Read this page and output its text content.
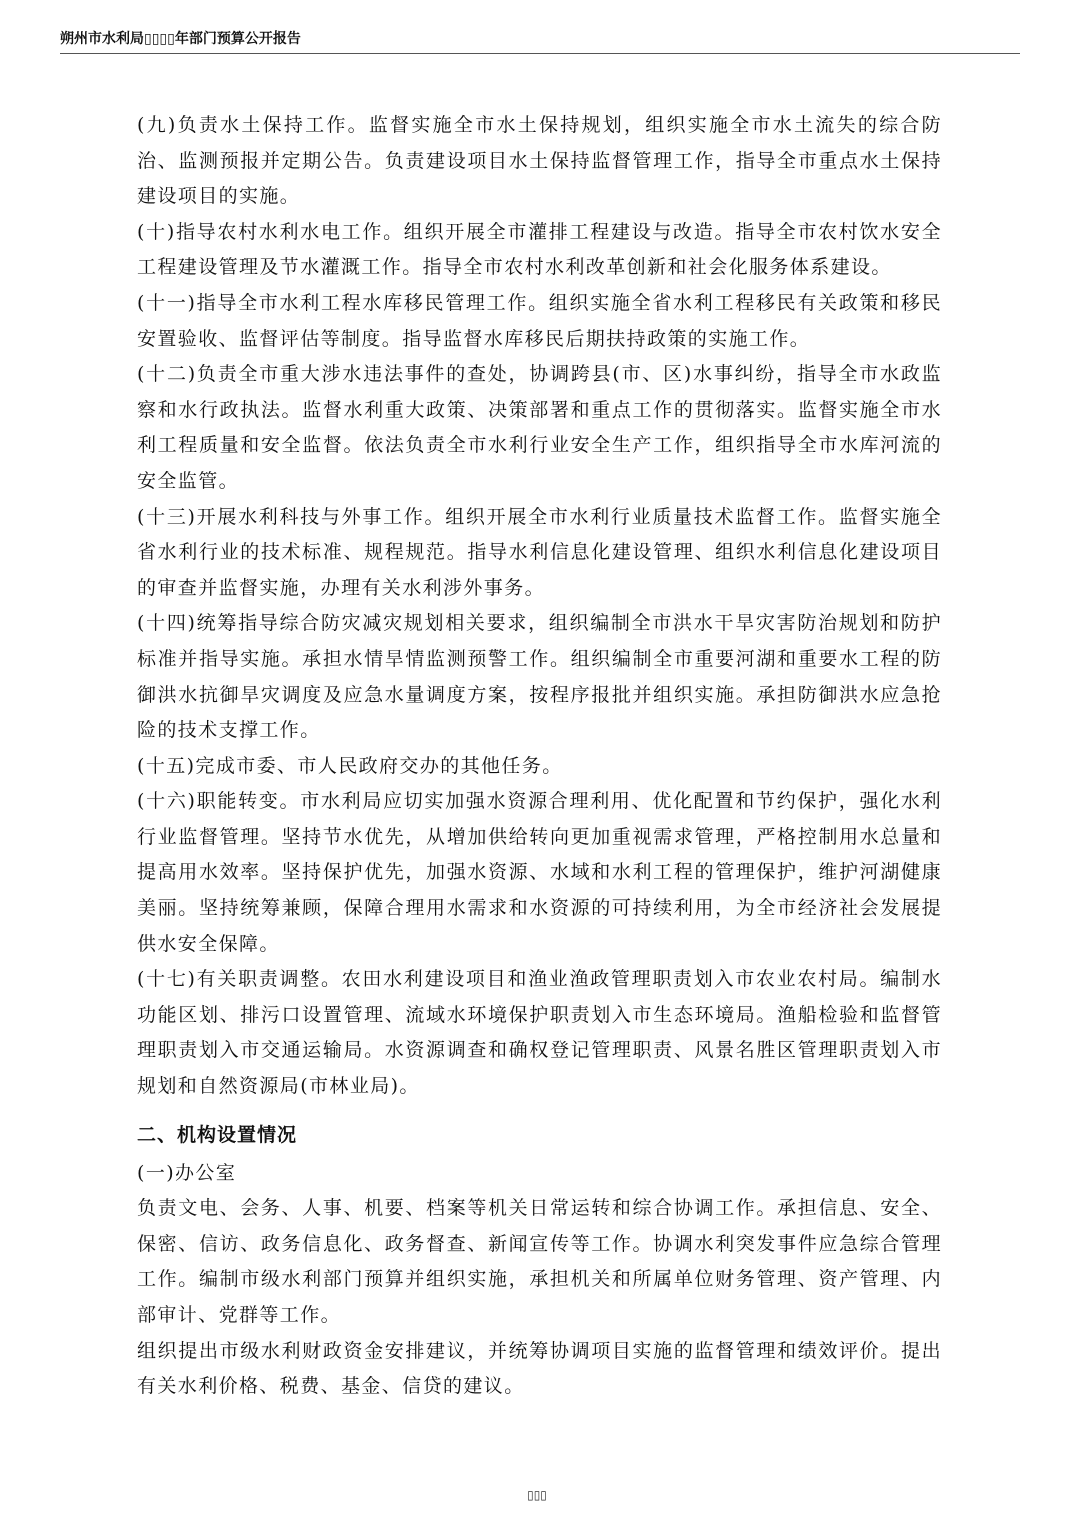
朔州市水利局▯▯▯▯年部门预算公开报告

(九)负责水土保持工作。监督实施全市水土保持规划，组织实施全市水土流失的综合防治、监测预报并定期公告。负责建设项目水土保持监督管理工作，指导全市重点水土保持建设项目的实施。

(十)指导农村水利水电工作。组织开展全市灌排工程建设与改造。指导全市农村饮水安全工程建设管理及节水灌溉工作。指导全市农村水利改革创新和社会化服务体系建设。

(十一)指导全市水利工程水库移民管理工作。组织实施全省水利工程移民有关政策和移民安置验收、监督评估等制度。指导监督水库移民后期扶持政策的实施工作。

(十二)负责全市重大涉水违法事件的查处，协调跨县(市、区)水事纠纷，指导全市水政监察和水行政执法。监督水利重大政策、决策部署和重点工作的贯彻落实。监督实施全市水利工程质量和安全监督。依法负责全市水利行业安全生产工作，组织指导全市水库河流的安全监管。

(十三)开展水利科技与外事工作。组织开展全市水利行业质量技术监督工作。监督实施全省水利行业的技术标准、规程规范。指导水利信息化建设管理、组织水利信息化建设项目的审查并监督实施，办理有关水利涉外事务。

(十四)统筹指导综合防灾减灾规划相关要求，组织编制全市洪水干旱灾害防治规划和防护标准并指导实施。承担水情旱情监测预警工作。组织编制全市重要河湖和重要水工程的防御洪水抗御旱灾调度及应急水量调度方案，按程序报批并组织实施。承担防御洪水应急抢险的技术支撑工作。

(十五)完成市委、市人民政府交办的其他任务。

(十六)职能转变。市水利局应切实加强水资源合理利用、优化配置和节约保护，强化水利行业监督管理。坚持节水优先，从增加供给转向更加重视需求管理，严格控制用水总量和提高用水效率。坚持保护优先，加强水资源、水域和水利工程的管理保护，维护河湖健康美丽。坚持统筹兼顾，保障合理用水需求和水资源的可持续利用，为全市经济社会发展提供水安全保障。

(十七)有关职责调整。农田水利建设项目和渔业渔政管理职责划入市农业农村局。编制水功能区划、排污口设置管理、流域水环境保护职责划入市生态环境局。渔船检验和监督管理职责划入市交通运输局。水资源调查和确权登记管理职责、风景名胜区管理职责划入市规划和自然资源局(市林业局)。

二、机构设置情况

(一)办公室

负责文电、会务、人事、机要、档案等机关日常运转和综合协调工作。承担信息、安全、保密、信访、政务信息化、政务督查、新闻宣传等工作。协调水利突发事件应急综合管理工作。编制市级水利部门预算并组织实施，承担机关和所属单位财务管理、资产管理、内部审计、党群等工作。

组织提出市级水利财政资金安排建议，并统筹协调项目实施的监督管理和绩效评价。提出有关水利价格、税费、基金、信贷的建议。

▯▯▯
